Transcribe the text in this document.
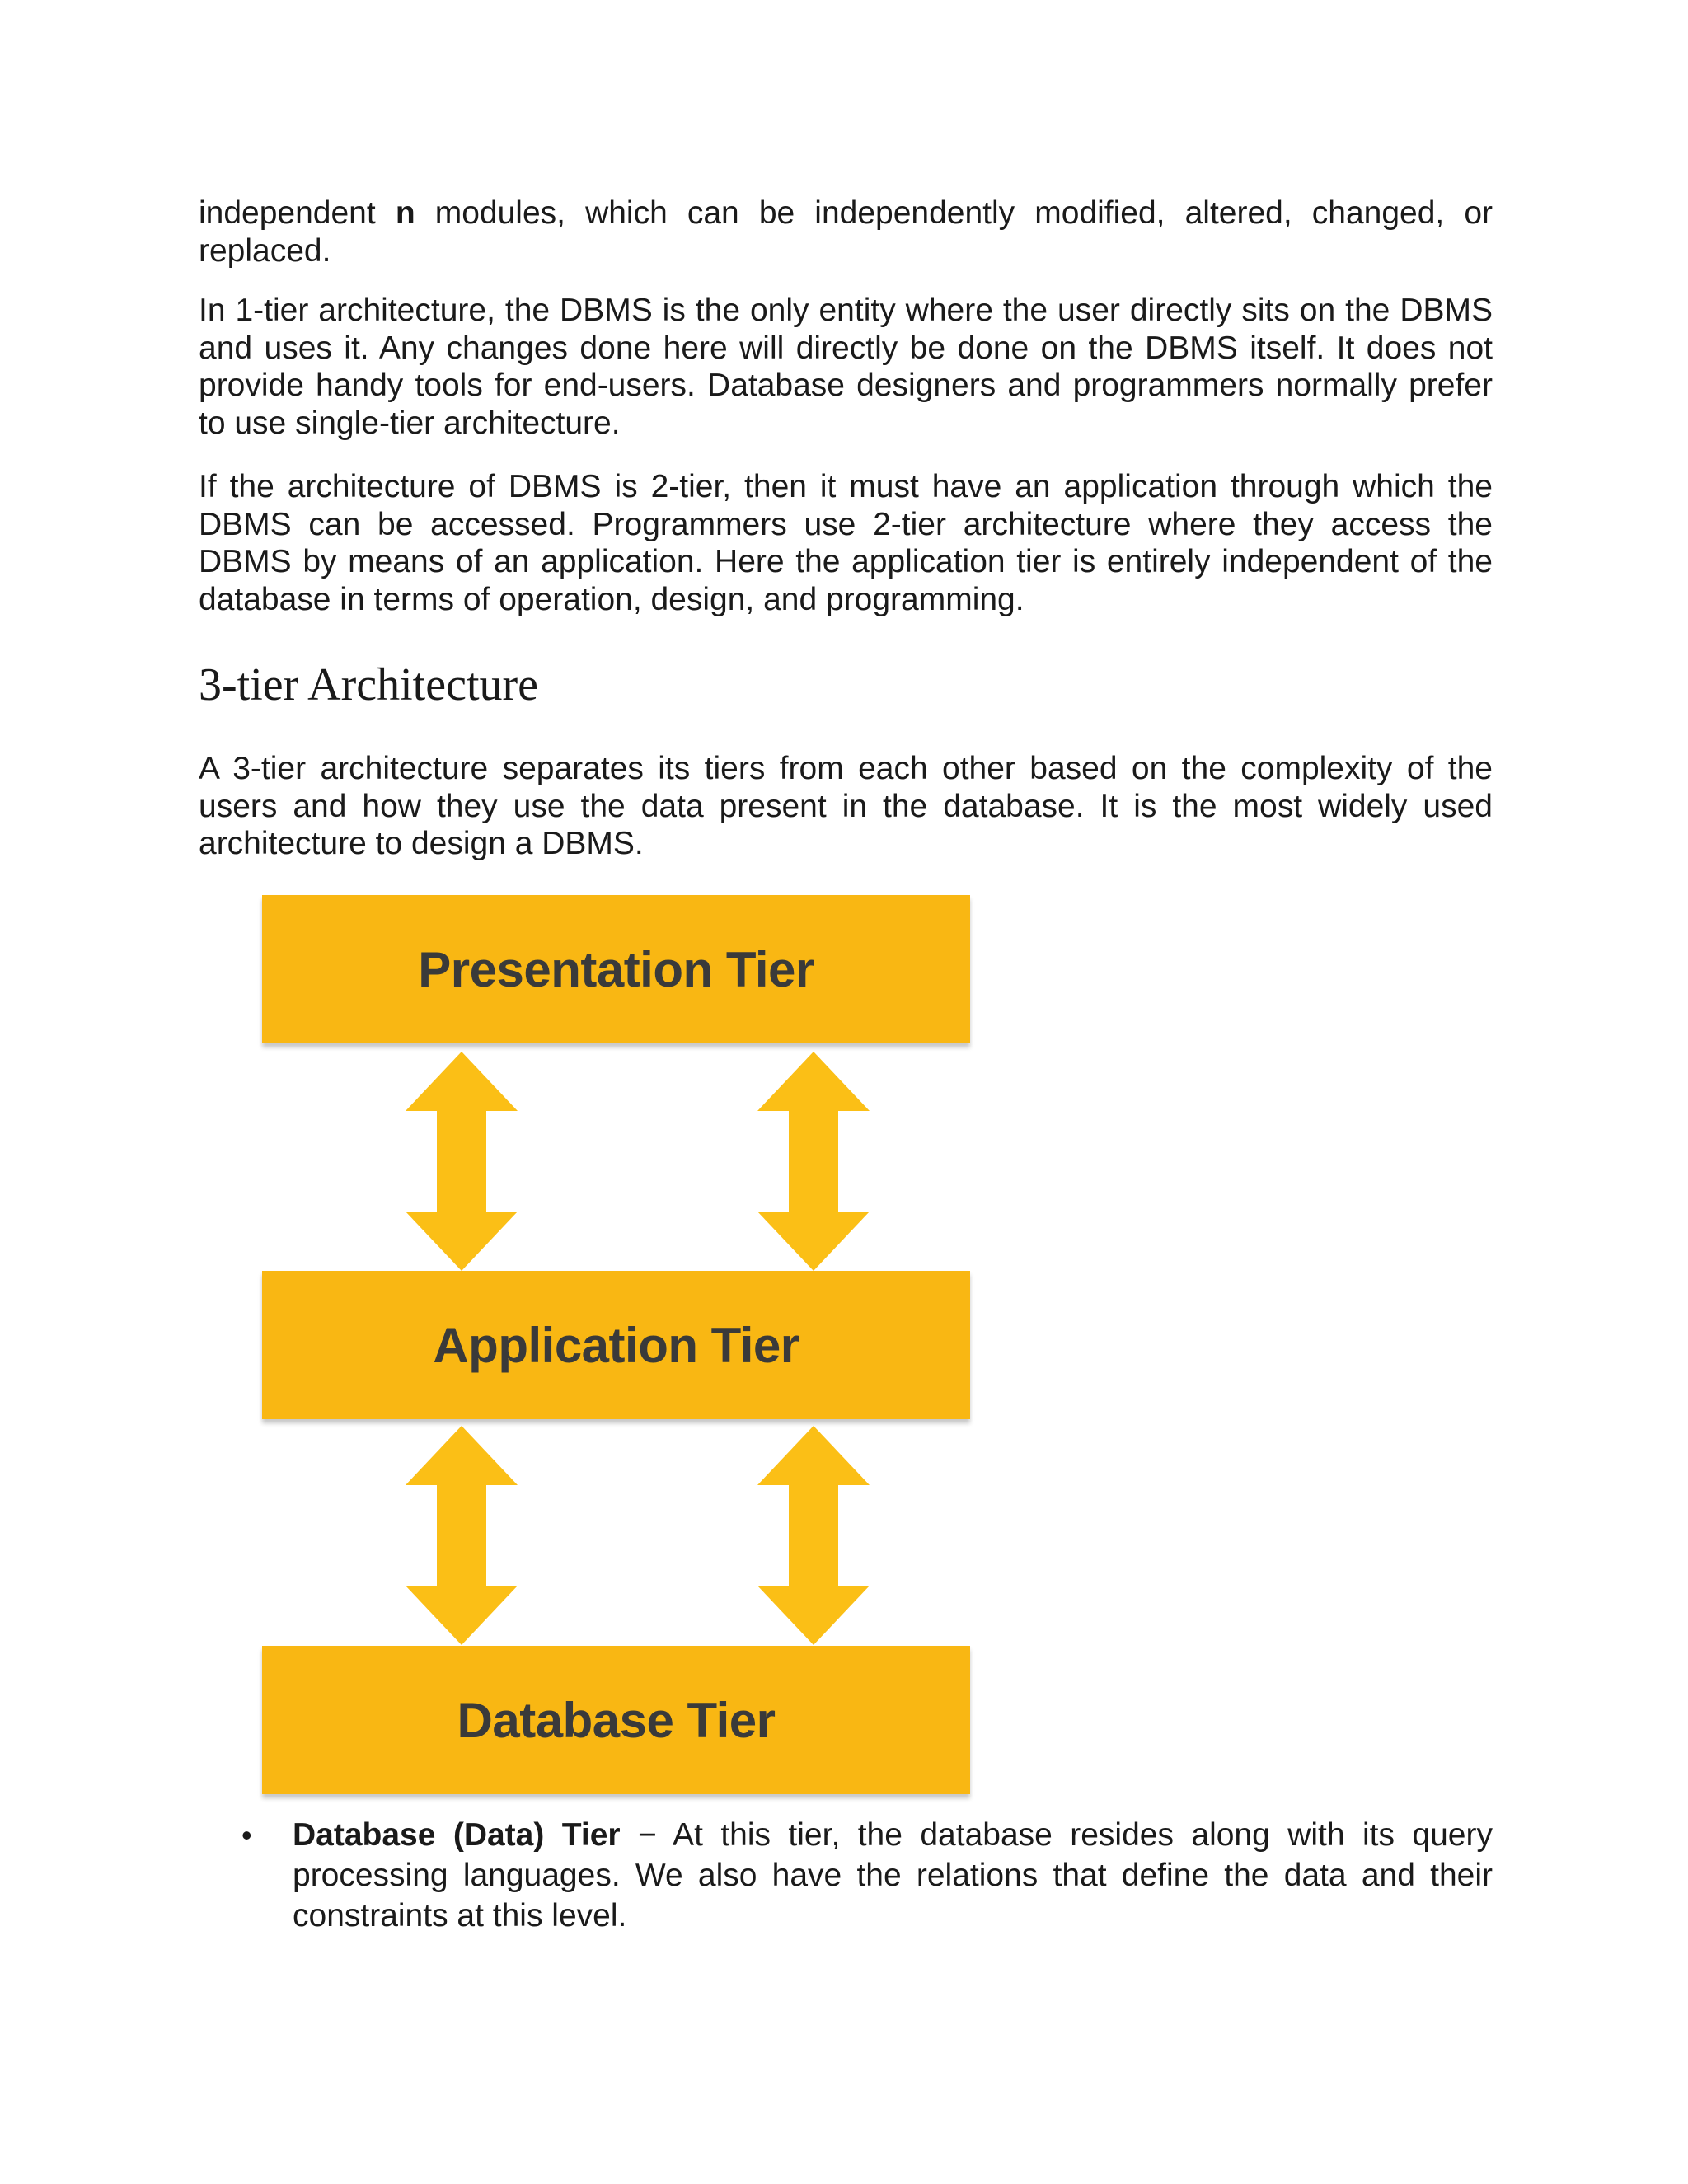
independent n modules, which can be independently modified, altered, changed, or replaced.

In 1-tier architecture, the DBMS is the only entity where the user directly sits on the DBMS and uses it. Any changes done here will directly be done on the DBMS itself. It does not provide handy tools for end-users. Database designers and programmers normally prefer to use single-tier architecture.

If the architecture of DBMS is 2-tier, then it must have an application through which the DBMS can be accessed. Programmers use 2-tier architecture where they access the DBMS by means of an application. Here the application tier is entirely independent of the database in terms of operation, design, and programming.

3-tier Architecture

A 3-tier architecture separates its tiers from each other based on the complexity of the users and how they use the data present in the database. It is the most widely used architecture to design a DBMS.

Presentation Tier
Application Tier
Database Tier
• Database (Data) Tier − At this tier, the database resides along with its query processing languages. We also have the relations that define the data and their constraints at this level.
